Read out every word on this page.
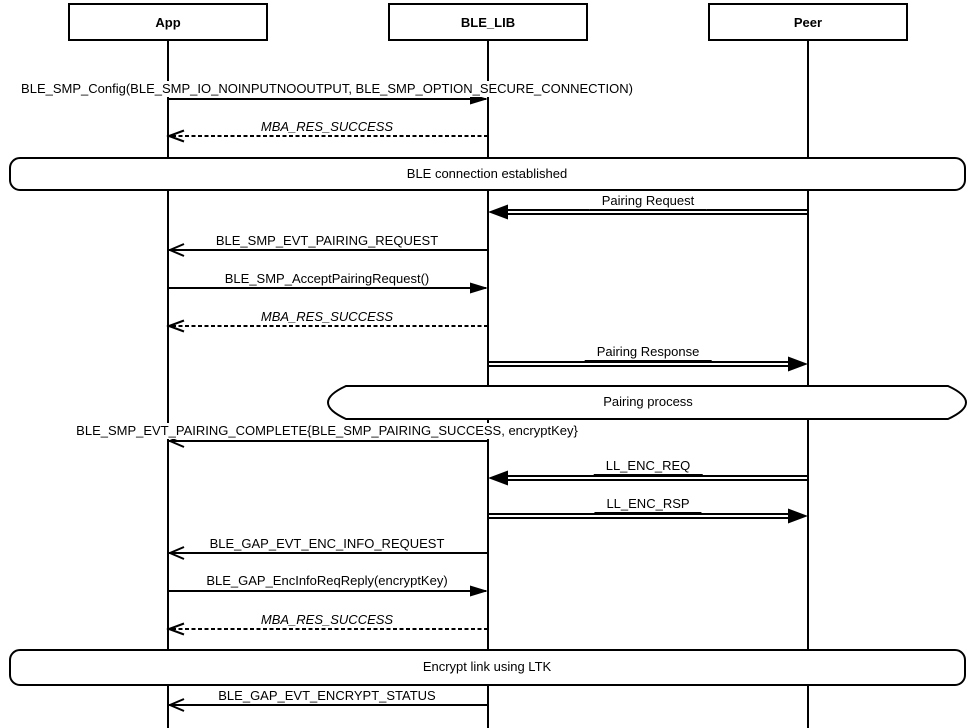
App	BLE_LIB	Peer
BLE_SMP_Config(BLE_SMP_IO_NOINPUTNOOUTPUT, BLE_SMP_OPTION_SECURE_CONNECTION)
MBA_RES_SUCCESS
Pairing Request
BLE_SMP_EVT_PAIRING_REQUEST
BLE_SMP_AcceptPairingRequest()
MBA_RES_SUCCESS
Pairing Response
BLE_SMP_EVT_PAIRING_COMPLETE{BLE_SMP_PAIRING_SUCCESS, encryptKey}
LL_ENC_REQ
LL_ENC_RSP
BLE_GAP_EVT_ENC_INFO_REQUEST
BLE_GAP_EncInfoReqReply(encryptKey)
MBA_RES_SUCCESS
BLE_GAP_EVT_ENCRYPT_STATUS
BLE connection established
Pairing process
Encrypt link using LTK
